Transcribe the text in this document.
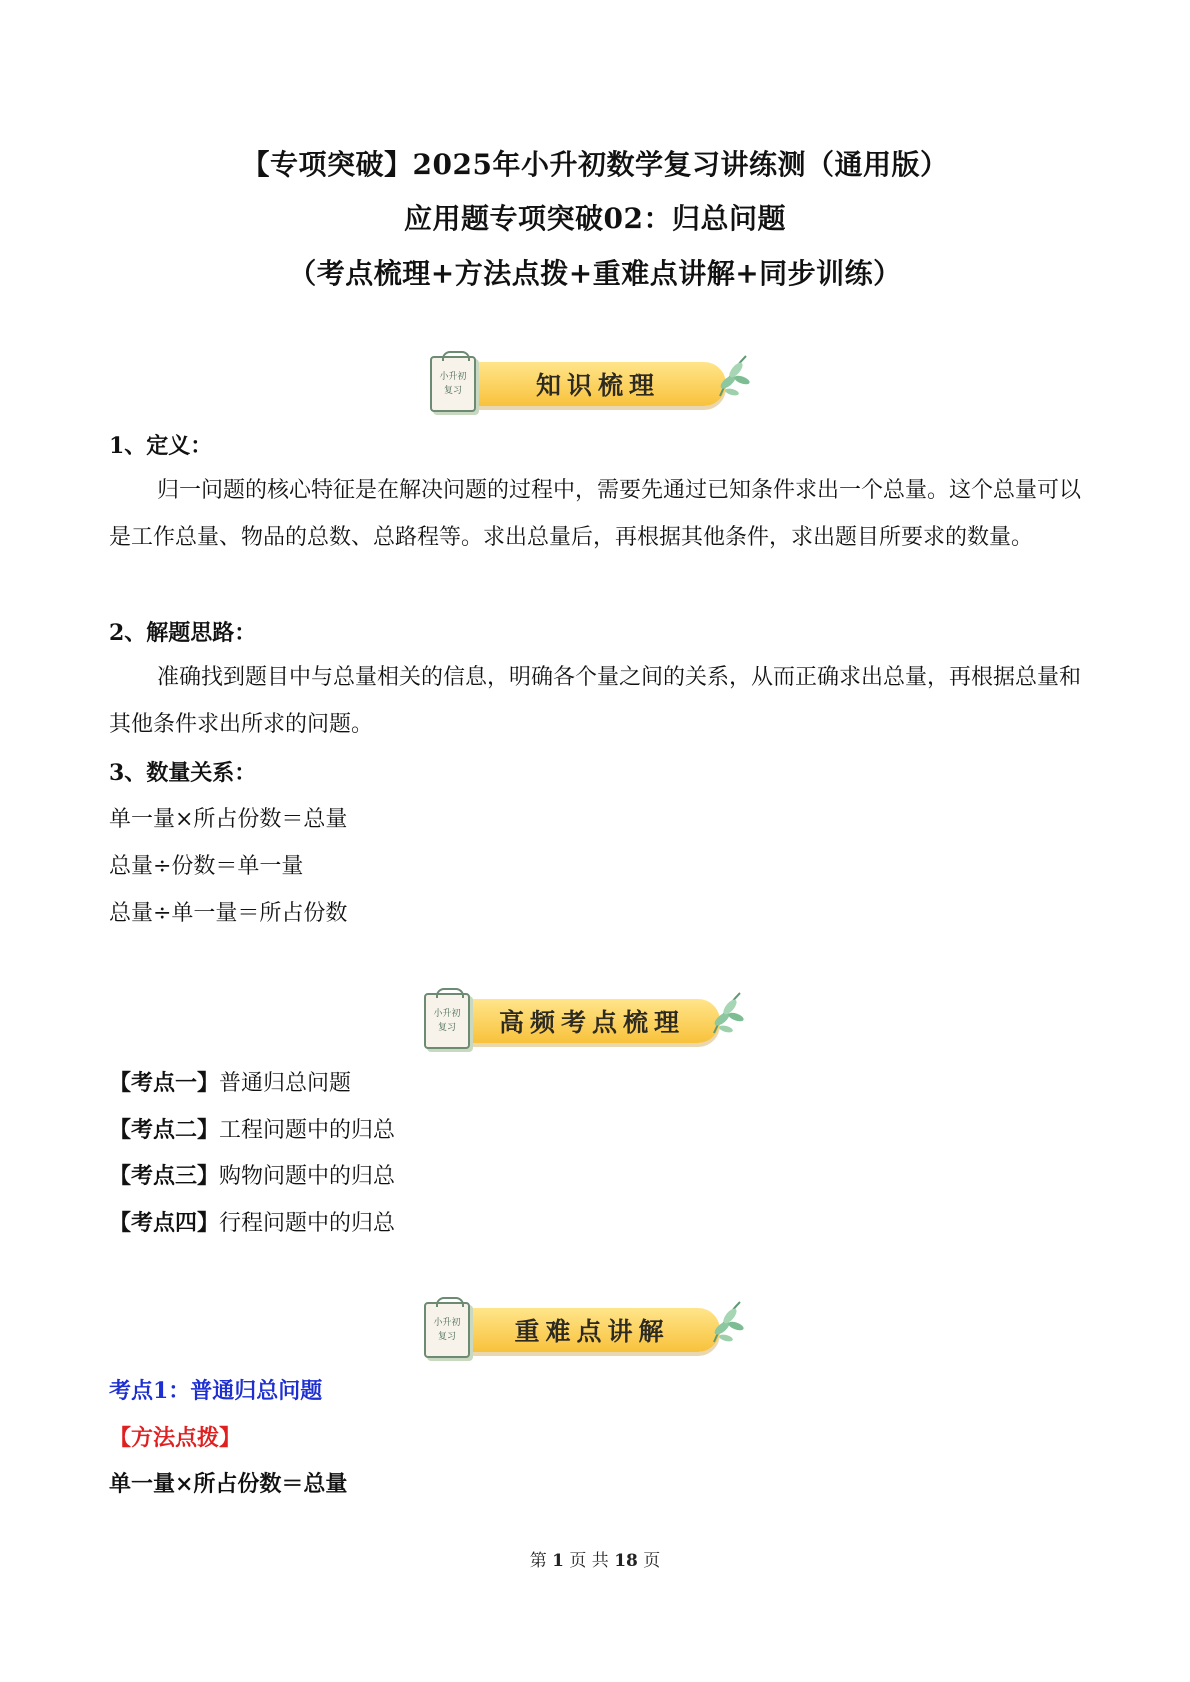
【专项突破】2025年小升初数学复习讲练测（通用版）
应用题专项突破02：归总问题
（考点梳理+方法点拨+重难点讲解+同步训练）
知识梳理
小升初
复习
1、定义：
归一问题的核心特征是在解决问题的过程中，需要先通过已知条件求出一个总量。这个总量可以是工作总量、物品的总数、总路程等。求出总量后，再根据其他条件，求出题目所要求的数量。
2、解题思路：
准确找到题目中与总量相关的信息，明确各个量之间的关系，从而正确求出总量，再根据总量和其他条件求出所求的问题。
3、数量关系：
单一量×所占份数＝总量
总量÷份数＝单一量
总量÷单一量＝所占份数
高频考点梳理
小升初
复习
【考点一】普通归总问题
【考点二】工程问题中的归总
【考点三】购物问题中的归总
【考点四】行程问题中的归总
重难点讲解
小升初
复习
考点1：普通归总问题
【方法点拨】
单一量×所占份数＝总量
第 1 页 共 18 页
